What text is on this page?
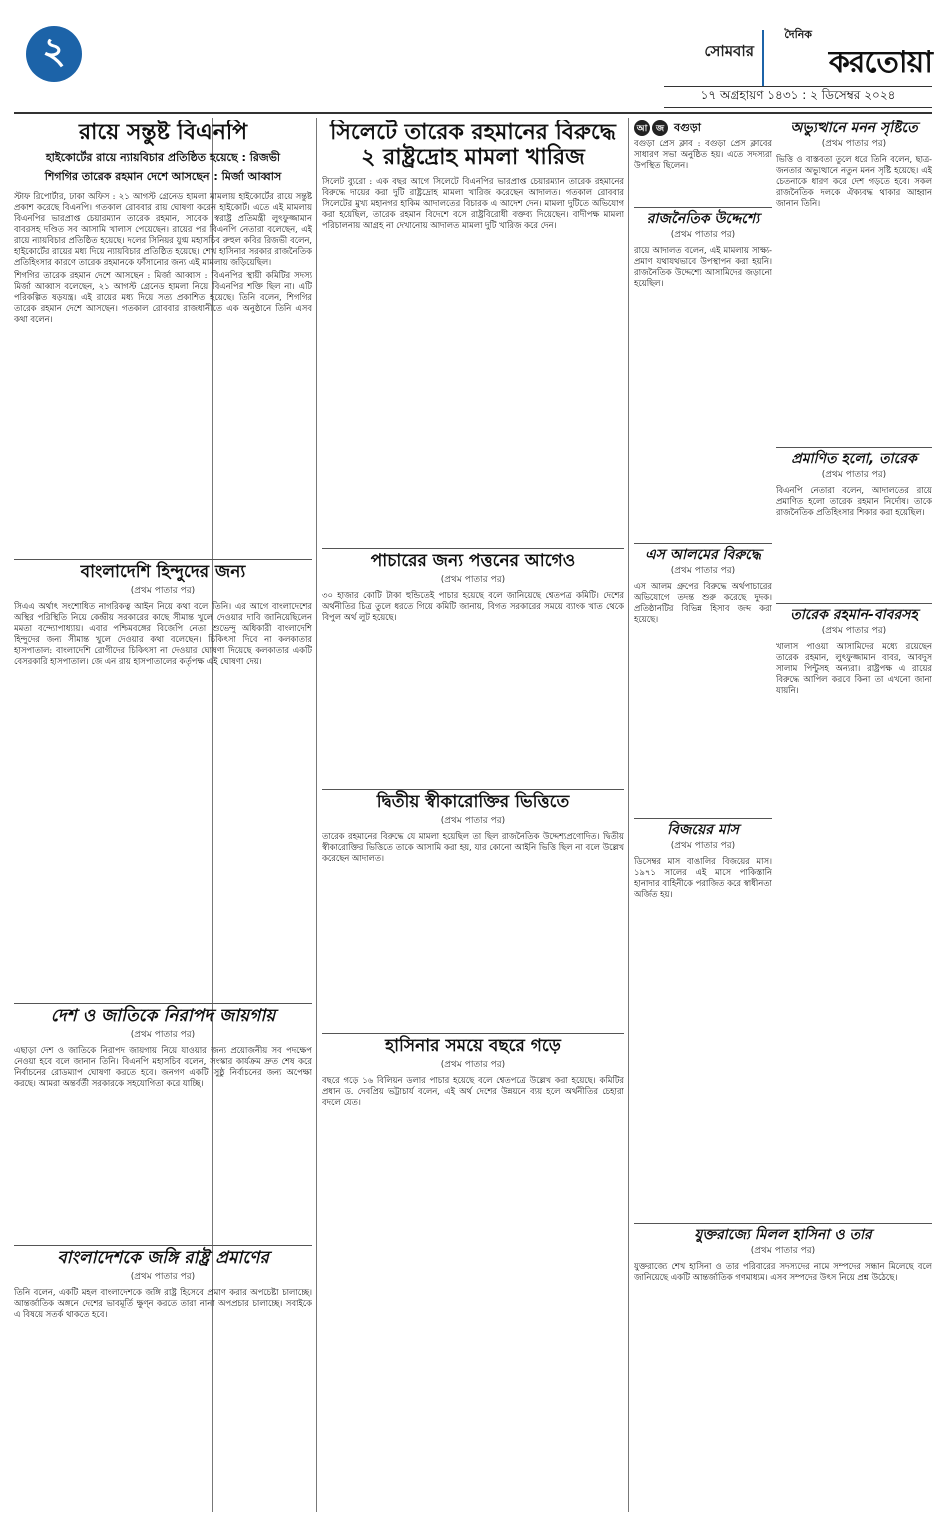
২	সোমবার
দৈনিক
করতোয়া
১৭ অগ্রহায়ণ ১৪৩১ : ২ ডিসেম্বর ২০২৪
রায়ে সন্তুষ্ট বিএনপি
হাইকোর্টের রায়ে ন্যায়বিচার প্রতিষ্ঠিত হয়েছে : রিজভী
শিগগির তারেক রহমান দেশে আসছেন : মির্জা আব্বাস
স্টাফ রিপোর্টার, ঢাকা অফিস : ২১ আগস্ট গ্রেনেড হামলা মামলায় হাইকোর্টের রায়ে সন্তুষ্ট প্রকাশ করেছে বিএনপি। গতকাল রোববার রায় ঘোষণা করেন হাইকোর্ট। এতে এই মামলায় বিএনপির ভারপ্রাপ্ত চেয়ারম্যান তারেক রহমান, সাবেক স্বরাষ্ট্র প্রতিমন্ত্রী লুৎফুজ্জামান বাবরসহ দণ্ডিত সব আসামি খালাস পেয়েছেন। রায়ের পর বিএনপি নেতারা বলেছেন, এই রায়ে ন্যায়বিচার প্রতিষ্ঠিত হয়েছে। দলের সিনিয়র যুগ্ম মহাসচিব রুহুল কবির রিজভী বলেন, হাইকোর্টের রায়ের মধ্য দিয়ে ন্যায়বিচার প্রতিষ্ঠিত হয়েছে। শেখ হাসিনার সরকার রাজনৈতিক প্রতিহিংসার কারণে তারেক রহমানকে ফাঁসানোর জন্য এই মামলায় জড়িয়েছিল।
শিগগির তারেক রহমান দেশে আসছেন : মির্জা আব্বাস : বিএনপির স্থায়ী কমিটির সদস্য মির্জা আব্বাস বলেছেন, ২১ আগস্ট গ্রেনেড হামলা নিয়ে বিএনপির শক্তি ছিল না। এটি পরিকল্পিত ষড়যন্ত্র। এই রায়ের মধ্য দিয়ে সত্য প্রকাশিত হয়েছে। তিনি বলেন, শিগগির তারেক রহমান দেশে আসছেন। গতকাল রোববার রাজধানীতে এক অনুষ্ঠানে তিনি এসব কথা বলেন।
বাংলাদেশি হিন্দুদের জন্য
(প্রথম পাতার পর)
সিএএ অর্থাৎ সংশোধিত নাগরিকত্ব আইন নিয়ে কথা বলে তিনি। এর আগে বাংলাদেশের অস্থির পরিস্থিতি নিয়ে কেন্দ্রীয় সরকারের কাছে সীমান্ত খুলে দেওয়ার দাবি জানিয়েছিলেন মমতা বন্দ্যোপাধ্যায়। এবার পশ্চিমবঙ্গের বিজেপি নেতা শুভেন্দু অধিকারী বাংলাদেশি হিন্দুদের জন্য সীমান্ত খুলে দেওয়ার কথা বলেছেন। চিকিৎসা দিবে না কলকাতার হাসপাতাল: বাংলাদেশি রোগীদের চিকিৎসা না দেওয়ার ঘোষণা দিয়েছে কলকাতার একটি বেসরকারি হাসপাতাল। জে এন রায় হাসপাতালের কর্তৃপক্ষ এই ঘোষণা দেয়।
দেশ ও জাতিকে নিরাপদ জায়গায়
(প্রথম পাতার পর)
এছাড়া দেশ ও জাতিকে নিরাপদ জায়গায় নিয়ে যাওয়ার জন্য প্রয়োজনীয় সব পদক্ষেপ নেওয়া হবে বলে জানান তিনি। বিএনপি মহাসচিব বলেন, সংস্কার কার্যক্রম দ্রুত শেষ করে নির্বাচনের রোডম্যাপ ঘোষণা করতে হবে। জনগণ একটি সুষ্ঠু নির্বাচনের জন্য অপেক্ষা করছে। আমরা অন্তর্বর্তী সরকারকে সহযোগিতা করে যাচ্ছি।
বাংলাদেশকে জঙ্গি রাষ্ট্র প্রমাণের
(প্রথম পাতার পর)
তিনি বলেন, একটি মহল বাংলাদেশকে জঙ্গি রাষ্ট্র হিসেবে প্রমাণ করার অপচেষ্টা চালাচ্ছে। আন্তর্জাতিক অঙ্গনে দেশের ভাবমূর্তি ক্ষুণ্ন করতে তারা নানা অপপ্রচার চালাচ্ছে। সবাইকে এ বিষয়ে সতর্ক থাকতে হবে।
সিলেটে তারেক রহমানের বিরুদ্ধে ২ রাষ্ট্রদ্রোহ মামলা খারিজ
সিলেট ব্যুরো : এক বছর আগে সিলেটে বিএনপির ভারপ্রাপ্ত চেয়ারম্যান তারেক রহমানের বিরুদ্ধে দায়ের করা দুটি রাষ্ট্রদ্রোহ মামলা খারিজ করেছেন আদালত। গতকাল রোববার সিলেটের মুখ্য মহানগর হাকিম আদালতের বিচারক এ আদেশ দেন। মামলা দুটিতে অভিযোগ করা হয়েছিল, তারেক রহমান বিদেশে বসে রাষ্ট্রবিরোধী বক্তব্য দিয়েছেন। বাদীপক্ষ মামলা পরিচালনায় আগ্রহ না দেখানোয় আদালত মামলা দুটি খারিজ করে দেন।
পাচারের জন্য পত্তনের আগেও
(প্রথম পাতার পর)
৩০ হাজার কোটি টাকা হুন্ডিতেই পাচার হয়েছে বলে জানিয়েছে শ্বেতপত্র কমিটি। দেশের অর্থনীতির চিত্র তুলে ধরতে গিয়ে কমিটি জানায়, বিগত সরকারের সময়ে ব্যাংক খাত থেকে বিপুল অর্থ লুট হয়েছে।
দ্বিতীয় স্বীকারোক্তির ভিত্তিতে
(প্রথম পাতার পর)
তারেক রহমানের বিরুদ্ধে যে মামলা হয়েছিল তা ছিল রাজনৈতিক উদ্দেশ্যপ্রণোদিত। দ্বিতীয় স্বীকারোক্তির ভিত্তিতে তাকে আসামি করা হয়, যার কোনো আইনি ভিত্তি ছিল না বলে উল্লেখ করেছেন আদালত।
হাসিনার সময়ে বছরে গড়ে
(প্রথম পাতার পর)
বছরে গড়ে ১৬ বিলিয়ন ডলার পাচার হয়েছে বলে শ্বেতপত্রে উল্লেখ করা হয়েছে। কমিটির প্রধান ড. দেবপ্রিয় ভট্টাচার্য বলেন, এই অর্থ দেশের উন্নয়নে ব্যয় হলে অর্থনীতির চেহারা বদলে যেত।
আ জ বগুড়া
বগুড়া প্রেস ক্লাব : বগুড়া প্রেস ক্লাবের সাধারণ সভা অনুষ্ঠিত হয়। এতে সদস্যরা উপস্থিত ছিলেন।
অভ্যুত্থানে মনন সৃষ্টিতে
(প্রথম পাতার পর)
ভিত্তি ও বাস্তবতা তুলে ধরে তিনি বলেন, ছাত্র-জনতার অভ্যুত্থানে নতুন মনন সৃষ্টি হয়েছে। এই চেতনাকে ধারণ করে দেশ গড়তে হবে। সকল রাজনৈতিক দলকে ঐক্যবদ্ধ থাকার আহ্বান জানান তিনি।
রাজনৈতিক উদ্দেশ্যে
(প্রথম পাতার পর)
রায়ে আদালত বলেন, এই মামলায় সাক্ষ্য-প্রমাণ যথাযথভাবে উপস্থাপন করা হয়নি। রাজনৈতিক উদ্দেশ্যে আসামিদের জড়ানো হয়েছিল।
এস আলমের বিরুদ্ধে
(প্রথম পাতার পর)
এস আলম গ্রুপের বিরুদ্ধে অর্থপাচারের অভিযোগে তদন্ত শুরু করেছে দুদক। প্রতিষ্ঠানটির বিভিন্ন হিসাব জব্দ করা হয়েছে।
বিজয়ের মাস
(প্রথম পাতার পর)
ডিসেম্বর মাস বাঙালির বিজয়ের মাস। ১৯৭১ সালের এই মাসে পাকিস্তানি হানাদার বাহিনীকে পরাজিত করে স্বাধীনতা অর্জিত হয়।
প্রমাণিত হলো, তারেক
(প্রথম পাতার পর)
বিএনপি নেতারা বলেন, আদালতের রায়ে প্রমাণিত হলো তারেক রহমান নির্দোষ। তাকে রাজনৈতিক প্রতিহিংসার শিকার করা হয়েছিল।
তারেক রহমান-বাবরসহ
(প্রথম পাতার পর)
খালাস পাওয়া আসামিদের মধ্যে রয়েছেন তারেক রহমান, লুৎফুজ্জামান বাবর, আবদুস সালাম পিন্টুসহ অন্যরা। রাষ্ট্রপক্ষ এ রায়ের বিরুদ্ধে আপিল করবে কিনা তা এখনো জানা যায়নি।
যুক্তরাজ্যে মিলল হাসিনা ও তার
(প্রথম পাতার পর)
যুক্তরাজ্যে শেখ হাসিনা ও তার পরিবারের সদস্যদের নামে সম্পদের সন্ধান মিলেছে বলে জানিয়েছে একটি আন্তর্জাতিক গণমাধ্যম। এসব সম্পদের উৎস নিয়ে প্রশ্ন উঠেছে।
